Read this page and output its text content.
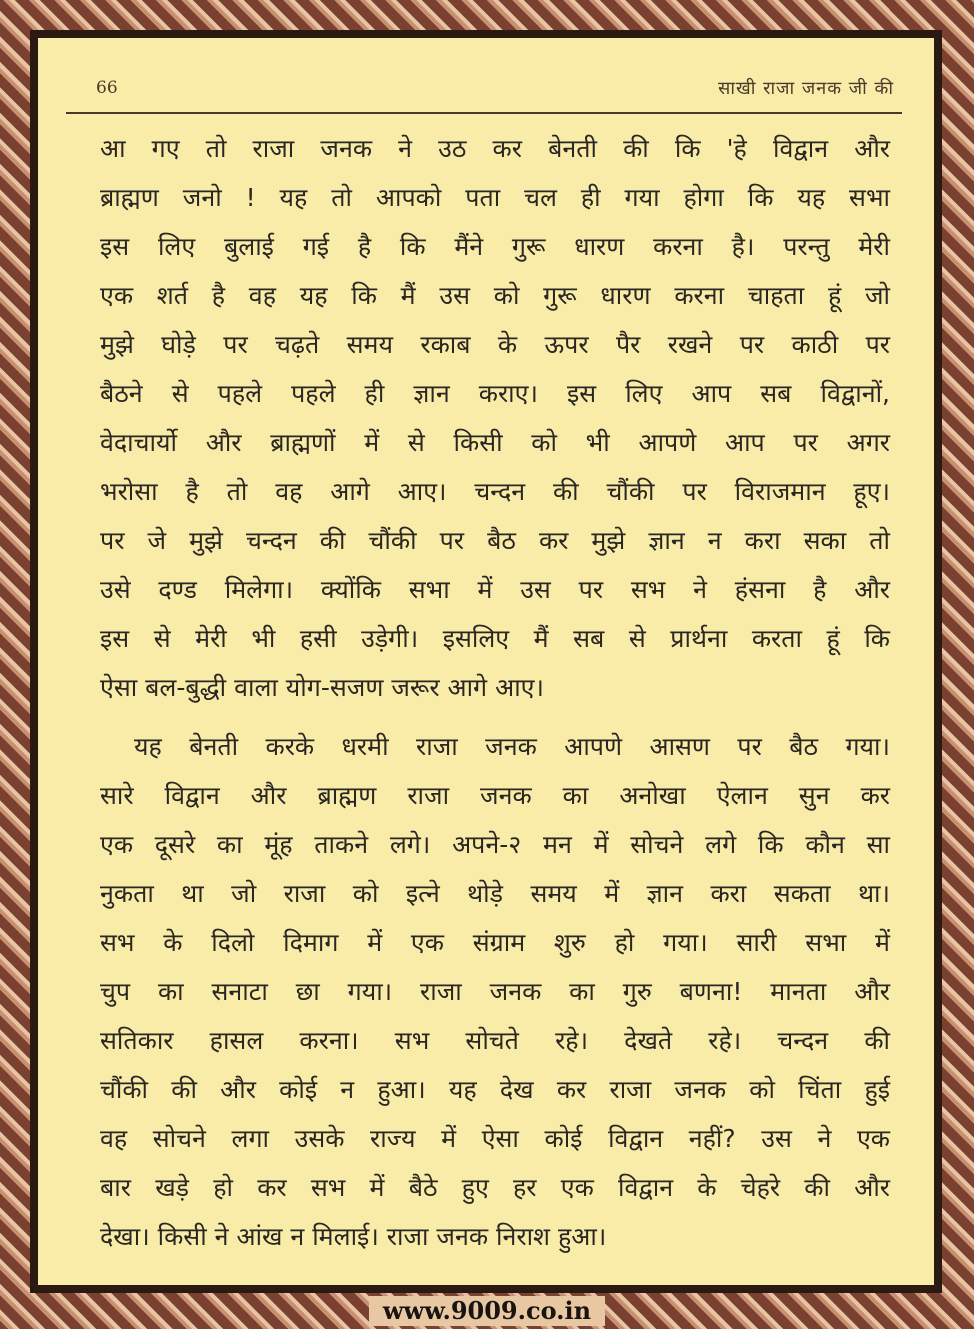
66	साखी राजा जनक जी की

आ गए तो राजा जनक ने उठ कर बेनती की कि 'हे विद्वान और

ब्राह्मण जनो ! यह तो आपको पता चल ही गया होगा कि यह सभा

इस लिए बुलाई गई है कि मैंने गुरू धारण करना है। परन्तु मेरी

एक शर्त है वह यह कि मैं उस को गुरू धारण करना चाहता हूं जो

मुझे घोड़े पर चढ़ते समय रकाब के ऊपर पैर रखने पर काठी पर

बैठने से पहले पहले ही ज्ञान कराए। इस लिए आप सब विद्वानों,

वेदाचार्यो और ब्राह्मणों में से किसी को भी आपणे आप पर अगर

भरोसा है तो वह आगे आए। चन्दन की चौंकी पर विराजमान हूए।

पर जे मुझे चन्दन की चौंकी पर बैठ कर मुझे ज्ञान न करा सका तो

उसे दण्ड मिलेगा। क्योंकि सभा में उस पर सभ ने हंसना है और

इस से मेरी भी हसी उड़ेगी। इसलिए मैं सब से प्रार्थना करता हूं कि

ऐसा बल-बुद्धी वाला योग-सजण जरूर आगे आए।

यह बेनती करके धरमी राजा जनक आपणे आसण पर बैठ गया।

सारे विद्वान और ब्राह्मण राजा जनक का अनोखा ऐलान सुन कर

एक दूसरे का मूंह ताकने लगे। अपने-२ मन में सोचने लगे कि कौन सा

नुकता था जो राजा को इत्ने थोड़े समय में ज्ञान करा सकता था।

सभ के दिलो दिमाग में एक संग्राम शुरु हो गया। सारी सभा में

चुप का सनाटा छा गया। राजा जनक का गुरु बणना! मानता और

सतिकार हासल करना। सभ सोचते रहे। देखते रहे। चन्दन की

चौंकी की और कोई न हुआ। यह देख कर राजा जनक को चिंता हुई

वह सोचने लगा उसके राज्य में ऐसा कोई विद्वान नहीं? उस ने एक

बार खड़े हो कर सभ में बैठे हुए हर एक विद्वान के चेहरे की और

देखा। किसी ने आंख न मिलाई। राजा जनक निराश हुआ।

www.9009.co.in
